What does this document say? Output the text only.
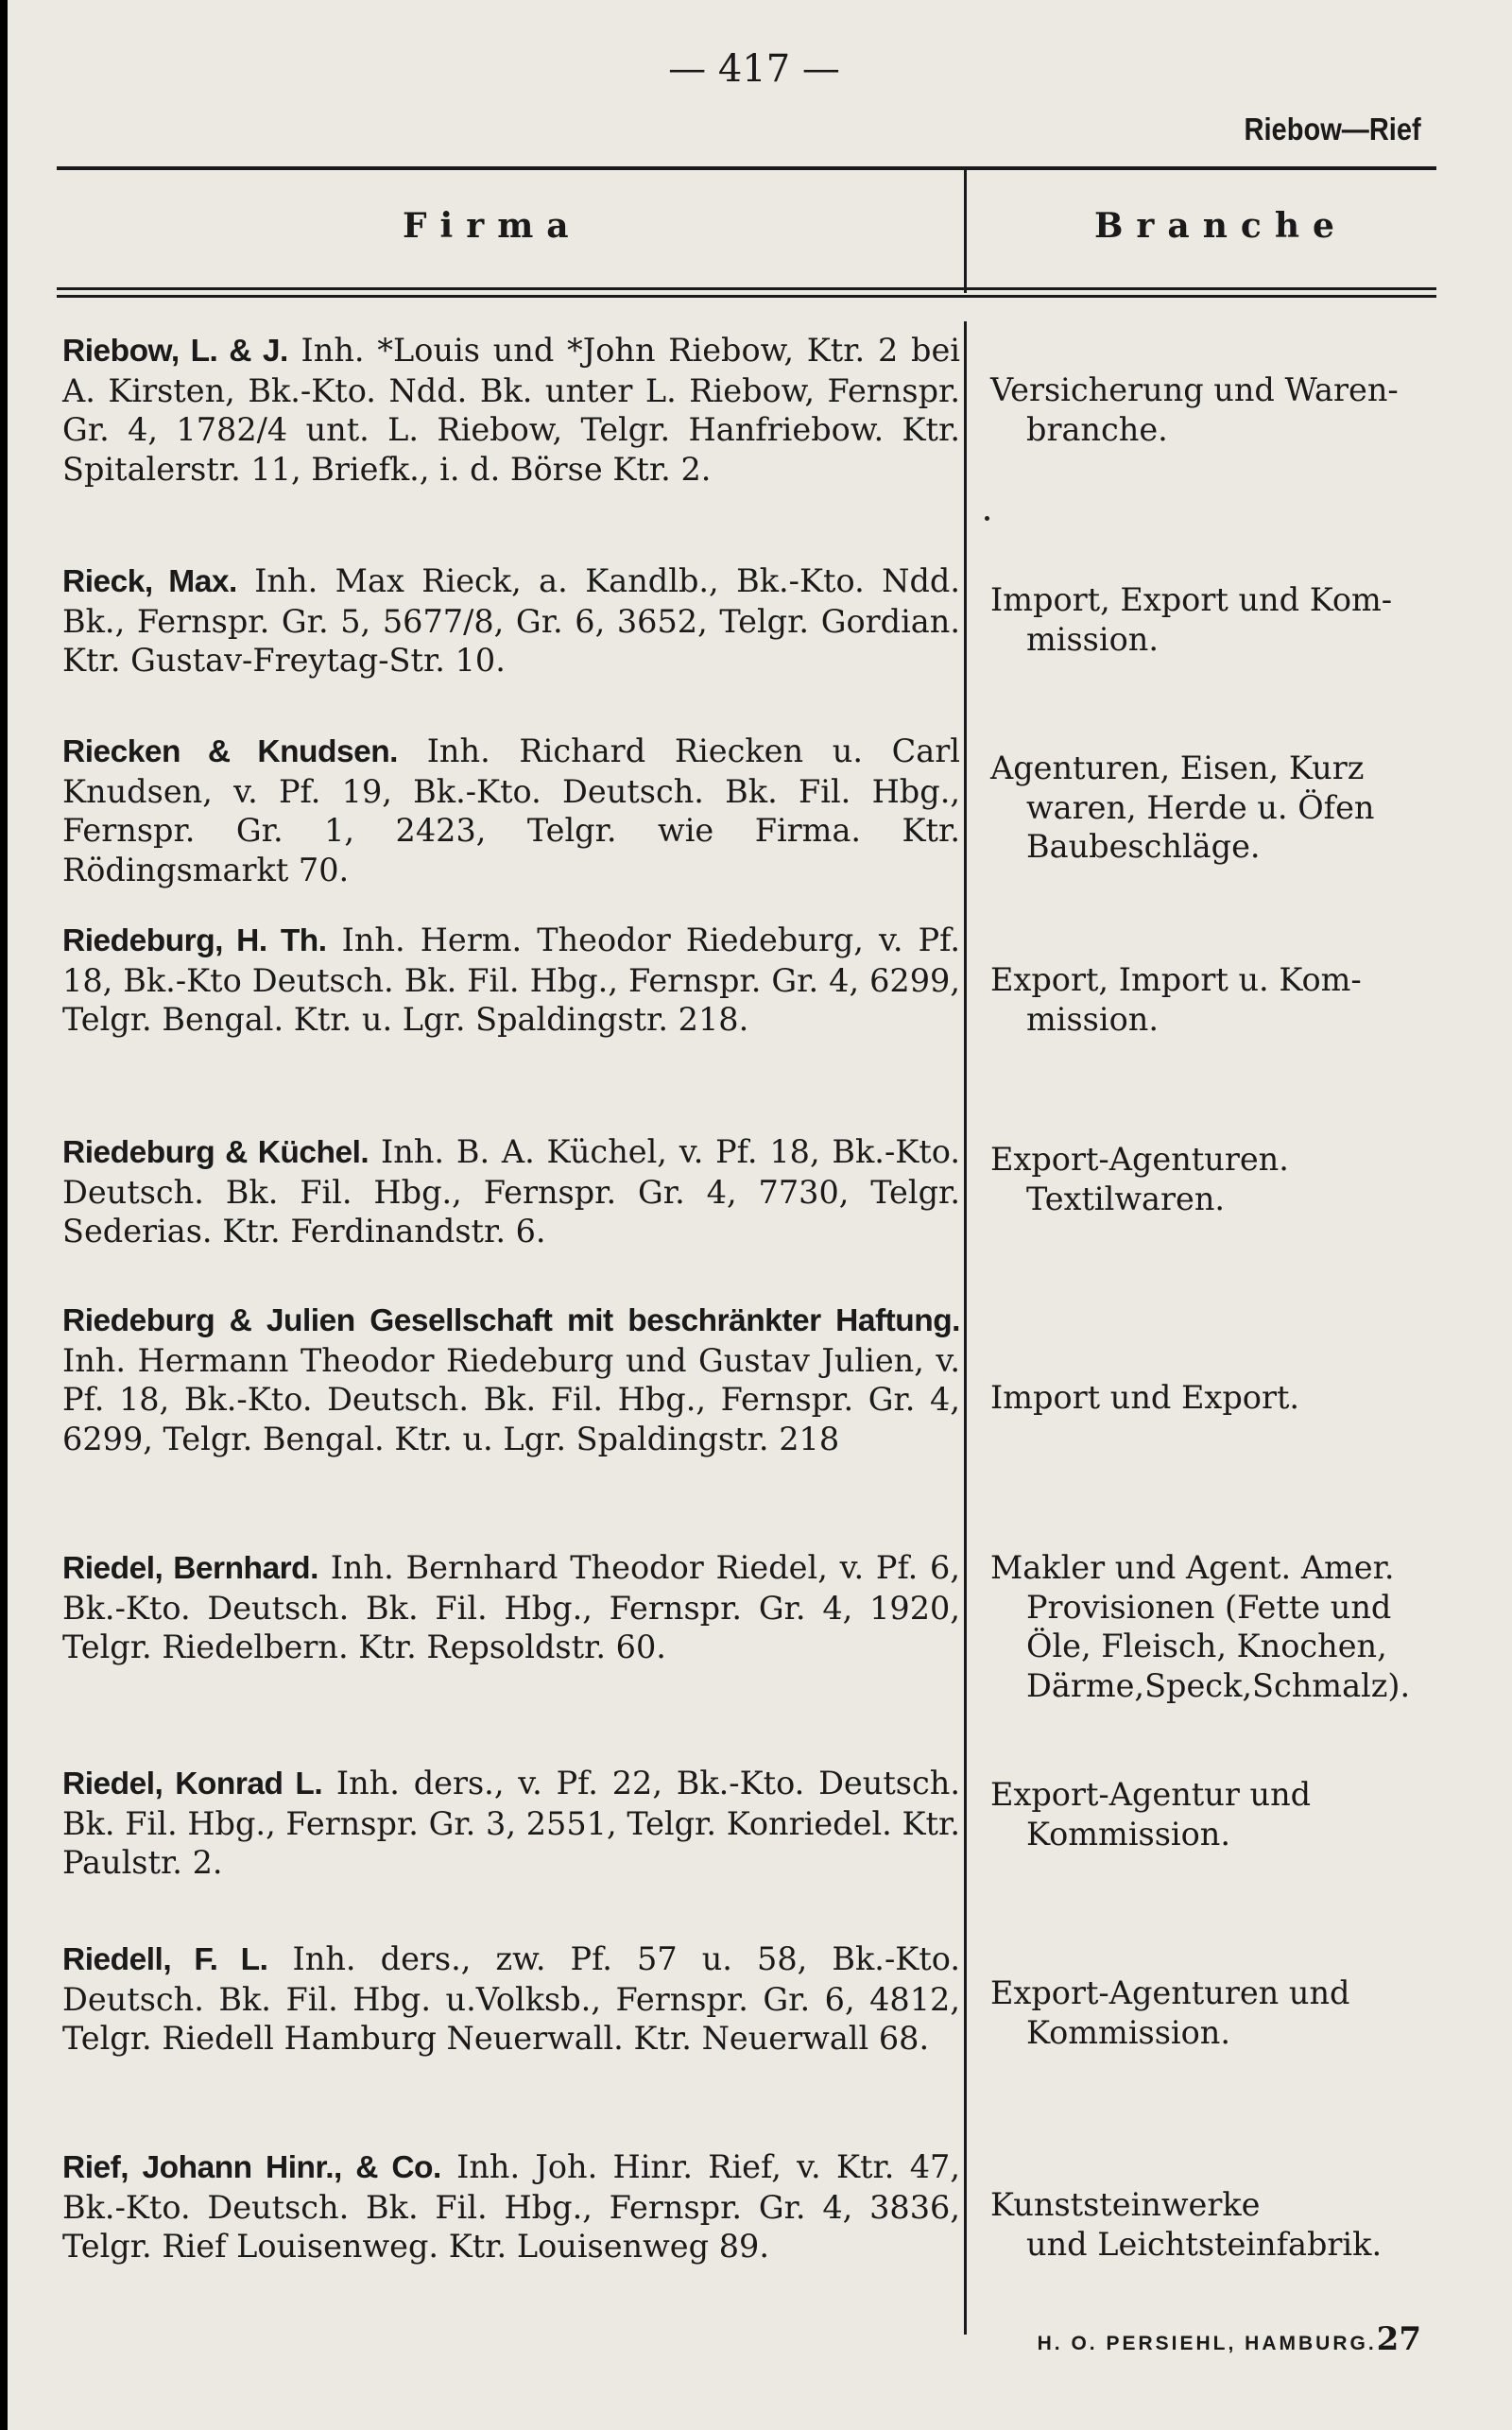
— 417 —
Riebow—Rief
Firma	Branche
Riebow, L. & J. Inh. *Louis und *John Riebow, Ktr. 2 bei A. Kirsten, Bk.-Kto. Ndd. Bk. unter L. Riebow, Fernspr. Gr. 4, 1782/4 unt. L. Riebow, Telgr. Hanfriebow. Ktr. Spitalerstr. 11, Briefk., i. d. Börse Ktr. 2.
Versicherung und Waren-
branche.
Rieck, Max. Inh. Max Rieck, a. Kandlb., Bk.-Kto. Ndd. Bk., Fernspr. Gr. 5, 5677/8, Gr. 6, 3652, Telgr. Gordian. Ktr. Gustav-Freytag-Str. 10.
Import, Export und Kom-
mission.
Riecken & Knudsen. Inh. Richard Riecken u. Carl Knudsen, v. Pf. 19, Bk.-Kto. Deutsch. Bk. Fil. Hbg., Fernspr. Gr. 1, 2423, Telgr. wie Firma. Ktr. Rödingsmarkt 70.
Agenturen, Eisen, Kurz
waren, Herde u. Öfen
Baubeschläge.
Riedeburg, H. Th. Inh. Herm. Theodor Riedeburg, v. Pf. 18, Bk.-Kto Deutsch. Bk. Fil. Hbg., Fernspr. Gr. 4, 6299, Telgr. Bengal. Ktr. u. Lgr. Spaldingstr. 218.
Export, Import u. Kom-
mission.
Riedeburg & Küchel. Inh. B. A. Küchel, v. Pf. 18, Bk.-Kto. Deutsch. Bk. Fil. Hbg., Fernspr. Gr. 4, 7730, Telgr. Sederias. Ktr. Ferdinandstr. 6.
Export-Agenturen.
Textilwaren.
Riedeburg & Julien Gesellschaft mit beschränkter Haftung. Inh. Hermann Theodor Riedeburg und Gustav Julien, v. Pf. 18, Bk.-Kto. Deutsch. Bk. Fil. Hbg., Fernspr. Gr. 4, 6299, Telgr. Bengal. Ktr. u. Lgr. Spaldingstr. 218
Import und Export.
Riedel, Bernhard. Inh. Bernhard Theodor Riedel, v. Pf. 6, Bk.-Kto. Deutsch. Bk. Fil. Hbg., Fernspr. Gr. 4, 1920, Telgr. Riedelbern. Ktr. Repsoldstr. 60.
Makler und Agent. Amer.
Provisionen (Fette und
Öle, Fleisch, Knochen,
Därme,Speck,Schmalz).
Riedel, Konrad L. Inh. ders., v. Pf. 22, Bk.-Kto. Deutsch. Bk. Fil. Hbg., Fernspr. Gr. 3, 2551, Telgr. Konriedel. Ktr. Paulstr. 2.
Export-Agentur und
Kommission.
Riedell, F. L. Inh. ders., zw. Pf. 57 u. 58, Bk.-Kto. Deutsch. Bk. Fil. Hbg. u.Volksb., Fernspr. Gr. 6, 4812, Telgr. Riedell Hamburg Neuerwall. Ktr. Neuerwall 68.
Export-Agenturen und
Kommission.
Rief, Johann Hinr., & Co. Inh. Joh. Hinr. Rief, v. Ktr. 47, Bk.-Kto. Deutsch. Bk. Fil. Hbg., Fernspr. Gr. 4, 3836, Telgr. Rief Louisenweg. Ktr. Louisenweg 89.
Kunststeinwerke
und Leichtsteinfabrik.
H. O. PERSIEHL, HAMBURG.27
